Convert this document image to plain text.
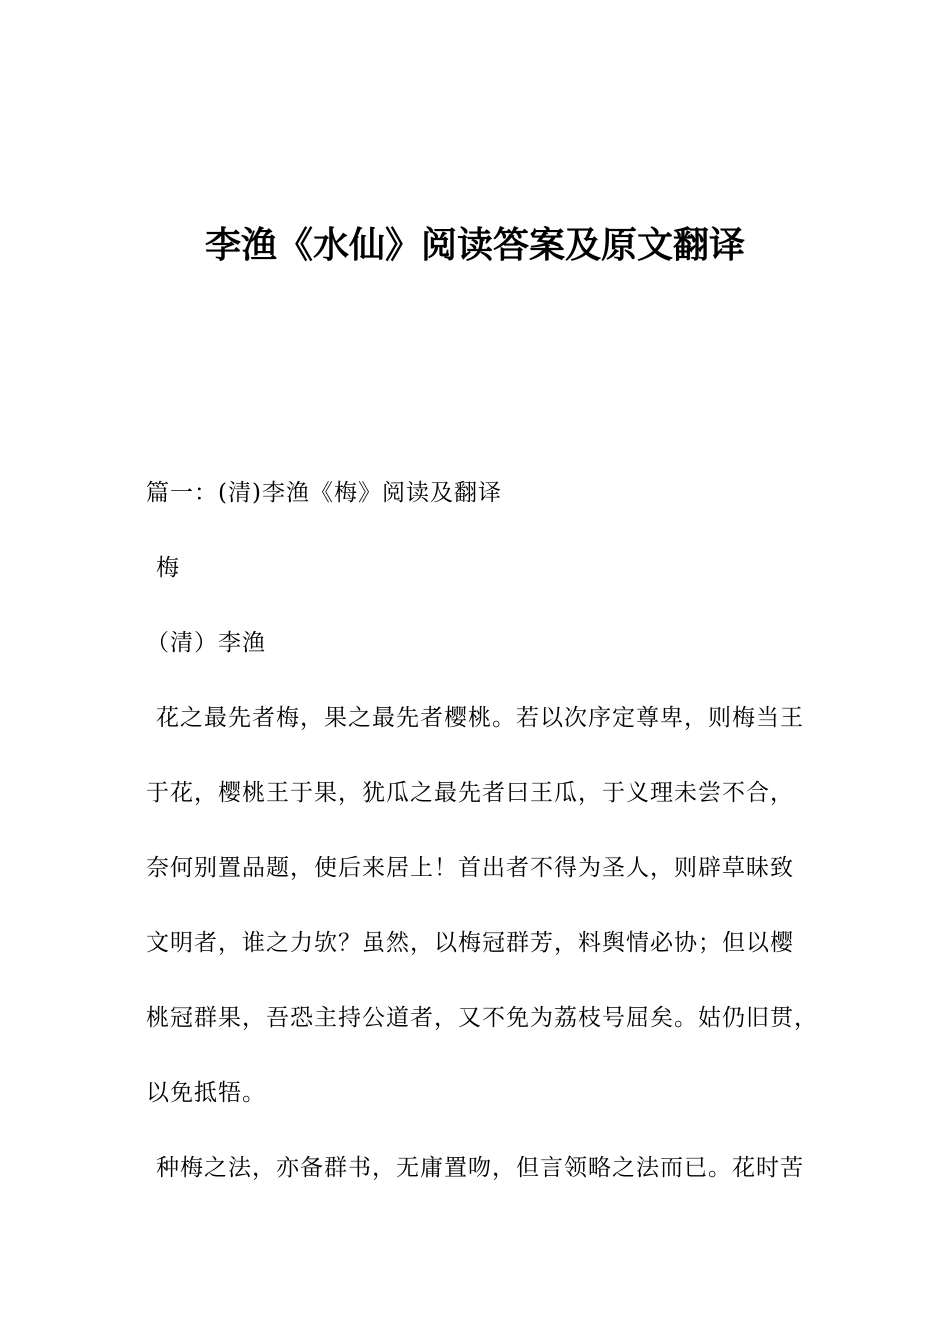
李渔《水仙》阅读答案及原文翻译

篇一：(清)李渔《梅》阅读及翻译

梅

（清）李渔

花之最先者梅，果之最先者樱桃。若以次序定尊卑，则梅当王

于花，樱桃王于果，犹瓜之最先者曰王瓜，于义理未尝不合，

奈何别置品题，使后来居上！首出者不得为圣人，则辟草昧致

文明者，谁之力欤？虽然，以梅冠群芳，料舆情必协；但以樱

桃冠群果，吾恐主持公道者，又不免为荔枝号屈矣。姑仍旧贯，

以免抵牾。

种梅之法，亦备群书，无庸置吻，但言领略之法而已。花时苦
